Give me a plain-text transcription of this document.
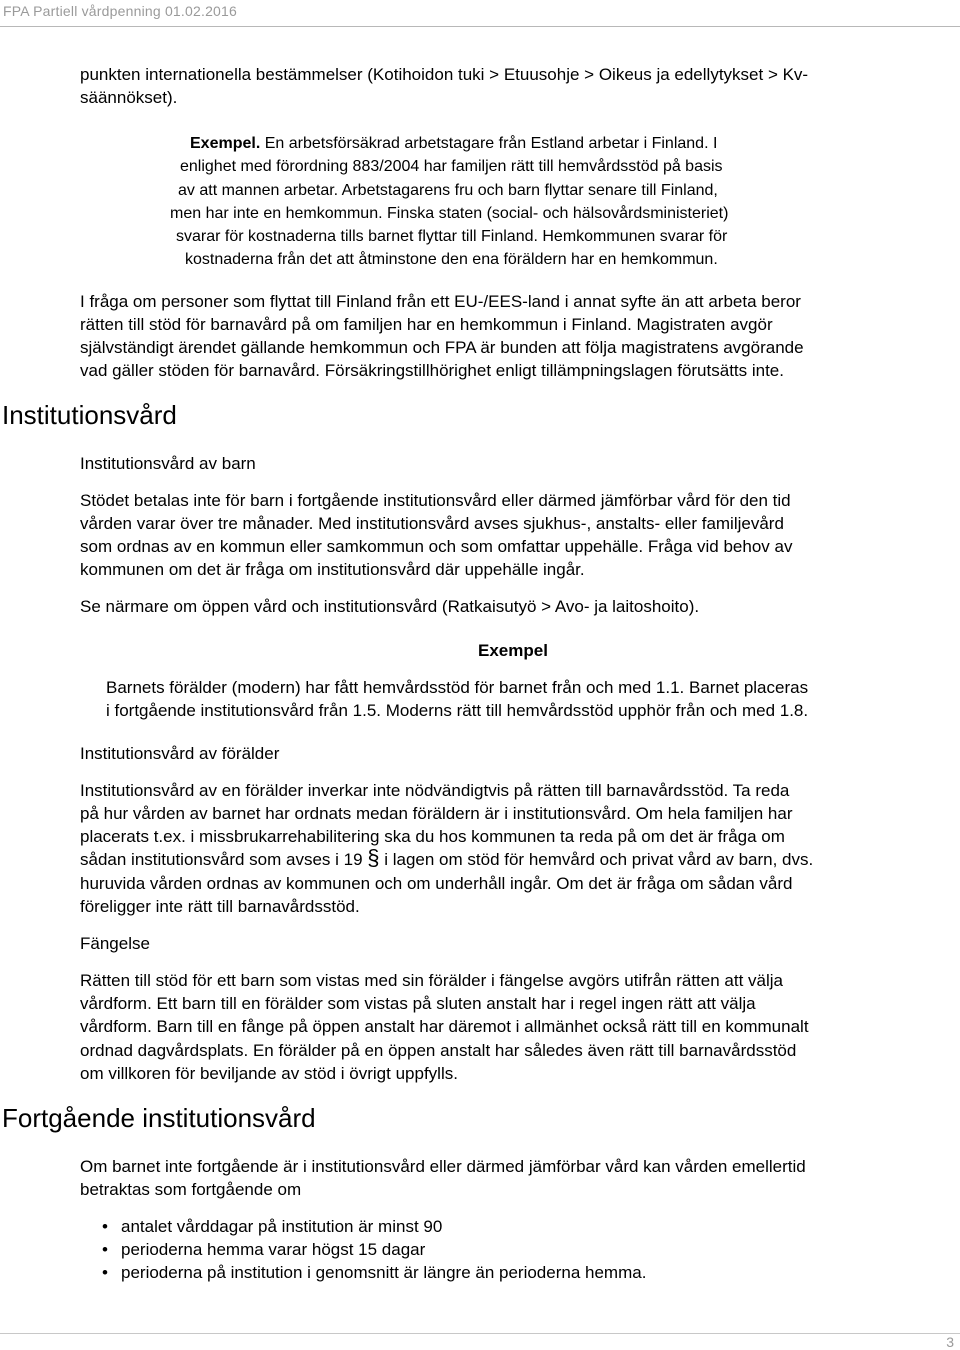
FPA Partiell vårdpenning 01.02.2016
punkten internationella bestämmelser (Kotihoidon tuki > Etuusohje > Oikeus ja edellytykset > Kv-
säännökset).
Exempel. En arbetsförsäkrad arbetstagare från Estland arbetar i Finland. I
enlighet med förordning 883/2004 har familjen rätt till hemvårdsstöd på basis
av att mannen arbetar. Arbetstagarens fru och barn flyttar senare till Finland,
men har inte en hemkommun. Finska staten (social- och hälsovårdsministeriet)
svarar för kostnaderna tills barnet flyttar till Finland. Hemkommunen svarar för
kostnaderna från det att åtminstone den ena föräldern har en hemkommun.
I fråga om personer som flyttat till Finland från ett EU-/EES-land i annat syfte än att arbeta beror
rätten till stöd för barnavård på om familjen har en hemkommun i Finland. Magistraten avgör
självständigt ärendet gällande hemkommun och FPA är bunden att följa magistratens avgörande
vad gäller stöden för barnavård. Försäkringstillhörighet enligt tillämpningslagen förutsätts inte.
Institutionsvård
Institutionsvård av barn
Stödet betalas inte för barn i fortgående institutionsvård eller därmed jämförbar vård för den tid
vården varar över tre månader. Med institutionsvård avses sjukhus-, anstalts- eller familjevård
som ordnas av en kommun eller samkommun och som omfattar uppehälle. Fråga vid behov av
kommunen om det är fråga om institutionsvård där uppehälle ingår.
Se närmare om öppen vård och institutionsvård (Ratkaisutyö > Avo- ja laitoshoito).
Exempel
Barnets förälder (modern) har fått hemvårdsstöd för barnet från och med 1.1. Barnet placeras
i fortgående institutionsvård från 1.5. Moderns rätt till hemvårdsstöd upphör från och med 1.8.
Institutionsvård av förälder
Institutionsvård av en förälder inverkar inte nödvändigtvis på rätten till barnavårdsstöd. Ta reda
på hur vården av barnet har ordnats medan föräldern är i institutionsvård. Om hela familjen har
placerats t.ex. i missbrukarrehabilitering ska du hos kommunen ta reda på om det är fråga om
sådan institutionsvård som avses i 19 § i lagen om stöd för hemvård och privat vård av barn, dvs.
huruvida vården ordnas av kommunen och om underhåll ingår. Om det är fråga om sådan vård
föreligger inte rätt till barnavårdsstöd.
Fängelse
Rätten till stöd för ett barn som vistas med sin förälder i fängelse avgörs utifrån rätten att välja
vårdform. Ett barn till en förälder som vistas på sluten anstalt har i regel ingen rätt att välja
vårdform. Barn till en fånge på öppen anstalt har däremot i allmänhet också rätt till en kommunalt
ordnad dagvårdsplats. En förälder på en öppen anstalt har således även rätt till barnavårdsstöd
om villkoren för beviljande av stöd i övrigt uppfylls.
Fortgående institutionsvård
Om barnet inte fortgående är i institutionsvård eller därmed jämförbar vård kan vården emellertid
betraktas som fortgående om
• antalet vårddagar på institution är minst 90
• perioderna hemma varar högst 15 dagar
• perioderna på institution i genomsnitt är längre än perioderna hemma.
3
